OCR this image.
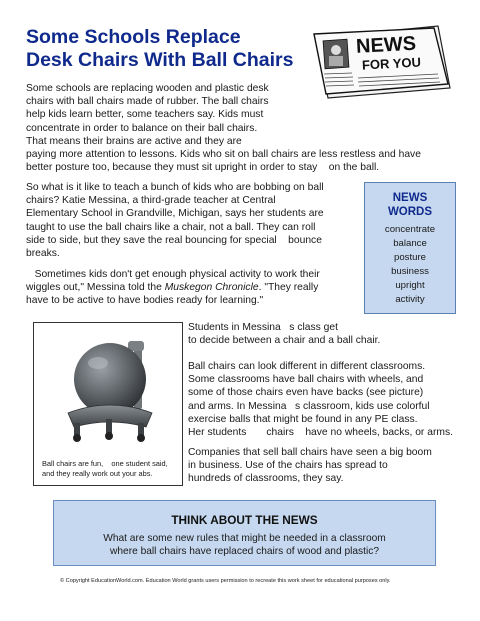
Some Schools Replace
Desk Chairs With Ball Chairs
NEWS
FOR YOU
Some schools are replacing wooden and plastic desk
chairs with ball chairs made of rubber. The ball chairs
help kids learn better, some teachers say. Kids must
concentrate in order to balance on their ball chairs.
That means their brains are active and they are
paying more attention to lessons. Kids who sit on ball chairs are less restless and have
better posture too, because they must sit upright in order to stay    on the ball.
So what is it like to teach a bunch of kids who are bobbing on ball
chairs? Katie Messina, a third-grade teacher at Central
Elementary School in Grandville, Michigan, says her students are
taught to use the ball chairs like a chair, not a ball. They can roll
side to side, but they save the real bouncing for special    bounce
breaks.
Sometimes kids don't get enough physical activity to work their
wiggles out," Messina told the Muskegon Chronicle. "They really
have to be active to have bodies ready for learning."
NEWS
WORDS
concentrate
balance
posture
business
upright
activity
Ball chairs are fun,    one student said,
and they really work out your abs.
Students in Messina   s class get
to decide between a chair and a ball chair.
Ball chairs can look different in different classrooms.
Some classrooms have ball chairs with wheels, and
some of those chairs even have backs (see picture)
and arms. In Messina   s classroom, kids use colorful
exercise balls that might be found in any PE class.
Her students       chairs    have no wheels, backs, or arms.
Companies that sell ball chairs have seen a big boom
in business. Use of the chairs has spread to
hundreds of classrooms, they say.
THINK ABOUT THE NEWS
What are some new rules that might be needed in a classroom
where ball chairs have replaced chairs of wood and plastic?
© Copyright EducationWorld.com. Education World grants users permission to recreate this work sheet for educational purposes only.
